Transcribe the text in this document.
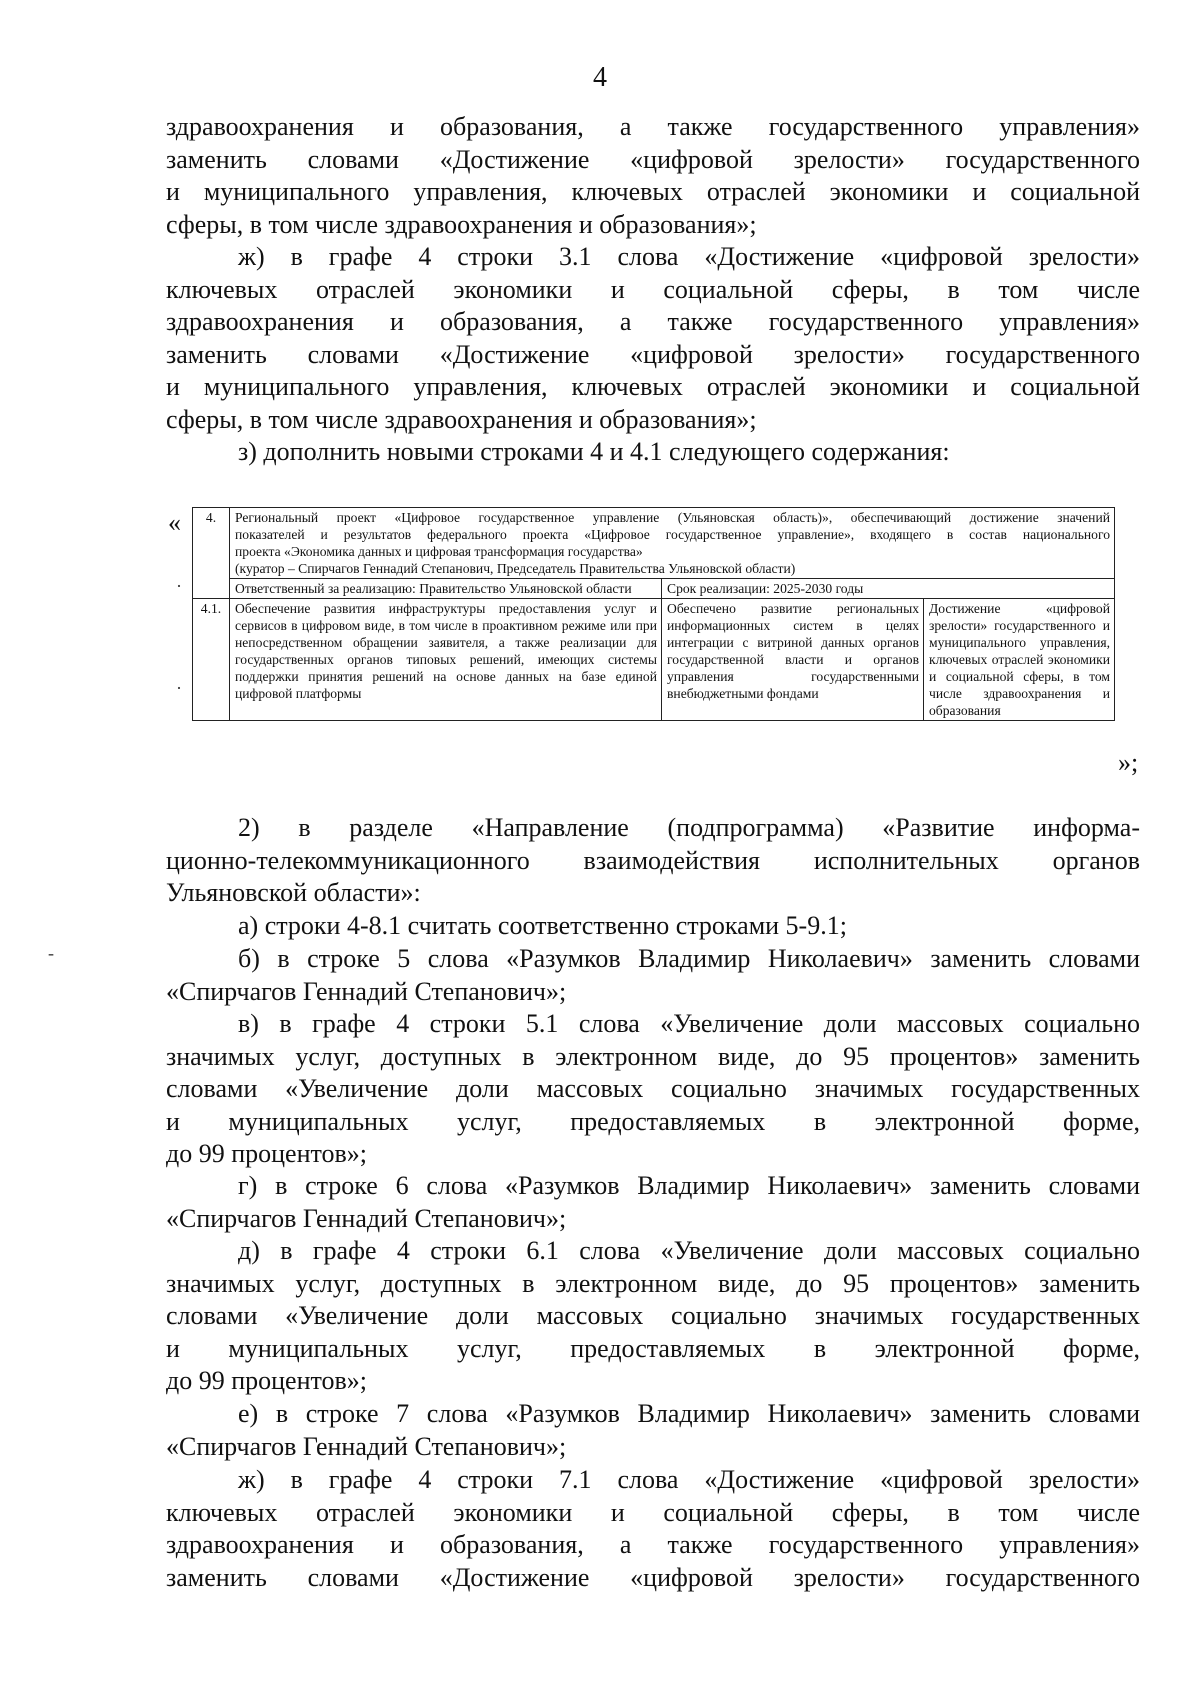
4
здравоохранения и образования, а также государственного управления»
заменить словами «Достижение «цифровой зрелости» государственного
и муниципального управления, ключевых отраслей экономики и социальной
сферы, в том числе здравоохранения и образования»;
ж) в графе 4 строки 3.1 слова «Достижение «цифровой зрелости»
ключевых отраслей экономики и социальной сферы, в том числе
здравоохранения и образования, а также государственного управления»
заменить словами «Достижение «цифровой зрелости» государственного
и муниципального управления, ключевых отраслей экономики и социальной
сферы, в том числе здравоохранения и образования»;
з) дополнить новыми строками 4 и 4.1 следующего содержания:
«
·
·
4.	Региональный проект «Цифровое государственное управление (Ульяновская область)», обеспечивающий достижение значений
показателей и результатов федерального проекта «Цифровое государственное управление», входящего в состав национального
проекта «Экономика данных и цифровая трансформация государства»
(куратор – Спирчагов Геннадий Степанович, Председатель Правительства Ульяновской области)		

	Ответственный за реализацию: Правительство Ульяновской области	Срок реализации: 2025-2030 годы	
4.1.	Обеспечение развития инфраструктуры предоставления услуг и сервисов в цифровом виде, в том числе в проактивном режиме или при непосредственном обращении заявителя, а также реализации для государственных органов типовых решений, имеющих системы поддержки принятия решений на основе данных на базе единой цифровой платформы	Обеспечено развитие региональных информационных систем в целях интеграции с витриной данных органов государственной власти и органов управления государственными внебюджетными фондами	Достижение «цифровой зрелости» государственного и муниципального управления, ключевых отраслей экономики и социальной сферы, в том числе здравоохранения и образования
»;
2) в разделе «Направление (подпрограмма) «Развитие информа-
ционно-телекоммуникационного взаимодействия исполнительных органов
Ульяновской области»:
а) строки 4-8.1 считать соответственно строками 5-9.1;
-	б) в строке 5 слова «Разумков Владимир Николаевич» заменить словами
«Спирчагов Геннадий Степанович»;
в) в графе 4 строки 5.1 слова «Увеличение доли массовых социально
значимых услуг, доступных в электронном виде, до 95 процентов» заменить
словами «Увеличение доли массовых социально значимых государственных
и муниципальных услуг, предоставляемых в электронной форме,
до 99 процентов»;
г) в строке 6 слова «Разумков Владимир Николаевич» заменить словами
«Спирчагов Геннадий Степанович»;
д) в графе 4 строки 6.1 слова «Увеличение доли массовых социально
значимых услуг, доступных в электронном виде, до 95 процентов» заменить
словами «Увеличение доли массовых социально значимых государственных
и муниципальных услуг, предоставляемых в электронной форме,
до 99 процентов»;
е) в строке 7 слова «Разумков Владимир Николаевич» заменить словами
«Спирчагов Геннадий Степанович»;
ж) в графе 4 строки 7.1 слова «Достижение «цифровой зрелости»
ключевых отраслей экономики и социальной сферы, в том числе
здравоохранения и образования, а также государственного управления»
заменить словами «Достижение «цифровой зрелости» государственного
